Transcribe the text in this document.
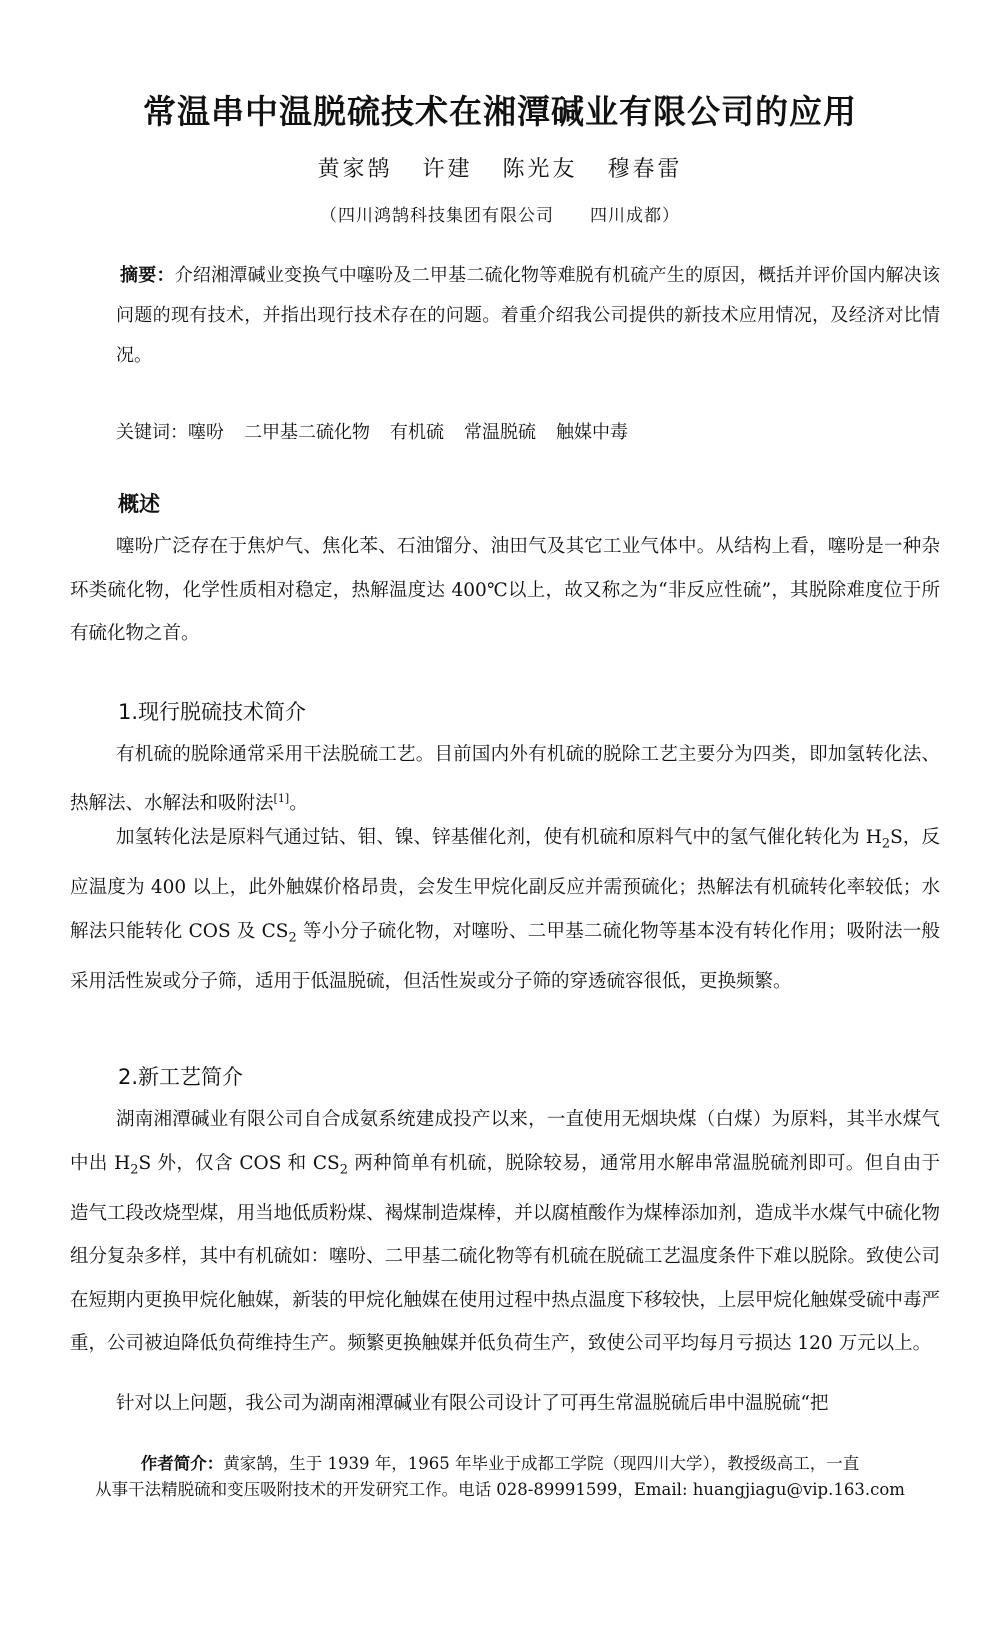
常温串中温脱硫技术在湘潭碱业有限公司的应用
黄家鹄 许建 陈光友 穆春雷
（四川鸿鹄科技集团有限公司　　四川成都）
摘要：介绍湘潭碱业变换气中噻吩及二甲基二硫化物等难脱有机硫产生的原因，概括并评价国内解决该问题的现有技术，并指出现行技术存在的问题。着重介绍我公司提供的新技术应用情况，及经济对比情况。
关键词：噻吩 二甲基二硫化物 有机硫 常温脱硫 触媒中毒
概述
噻吩广泛存在于焦炉气、焦化苯、石油馏分、油田气及其它工业气体中。从结构上看，噻吩是一种杂环类硫化物，化学性质相对稳定，热解温度达 400℃以上，故又称之为“非反应性硫”，其脱除难度位于所有硫化物之首。
1.现行脱硫技术简介
有机硫的脱除通常采用干法脱硫工艺。目前国内外有机硫的脱除工艺主要分为四类，即加氢转化法、热解法、水解法和吸附法[1]。
加氢转化法是原料气通过钴、钼、镍、锌基催化剂，使有机硫和原料气中的氢气催化转化为 $H_2S$，反应温度为 400 以上，此外触媒价格昂贵，会发生甲烷化副反应并需预硫化；热解法有机硫转化率较低；水解法只能转化 COS 及 $CS_2$ 等小分子硫化物，对噻吩、二甲基二硫化物等基本没有转化作用；吸附法一般采用活性炭或分子筛，适用于低温脱硫，但活性炭或分子筛的穿透硫容很低，更换频繁。
2.新工艺简介
湖南湘潭碱业有限公司自合成氨系统建成投产以来，一直使用无烟块煤（白煤）为原料，其半水煤气中出 $H_2S$ 外，仅含 COS 和 $CS_2$ 两种简单有机硫，脱除较易，通常用水解串常温脱硫剂即可。但自由于造气工段改烧型煤，用当地低质粉煤、褐煤制造煤棒，并以腐植酸作为煤棒添加剂，造成半水煤气中硫化物组分复杂多样，其中有机硫如：噻吩、二甲基二硫化物等有机硫在脱硫工艺温度条件下难以脱除。致使公司在短期内更换甲烷化触媒，新装的甲烷化触媒在使用过程中热点温度下移较快，上层甲烷化触媒受硫中毒严重，公司被迫降低负荷维持生产。频繁更换触媒并低负荷生产，致使公司平均每月亏损达 120 万元以上。
针对以上问题，我公司为湖南湘潭碱业有限公司设计了可再生常温脱硫后串中温脱硫“把
作者简介：黄家鹄，生于 1939 年，1965 年毕业于成都工学院（现四川大学），教授级高工，一直
从事干法精脱硫和变压吸附技术的开发研究工作。电话 028-89991599，Email: huangjiagu@vip.163.com
